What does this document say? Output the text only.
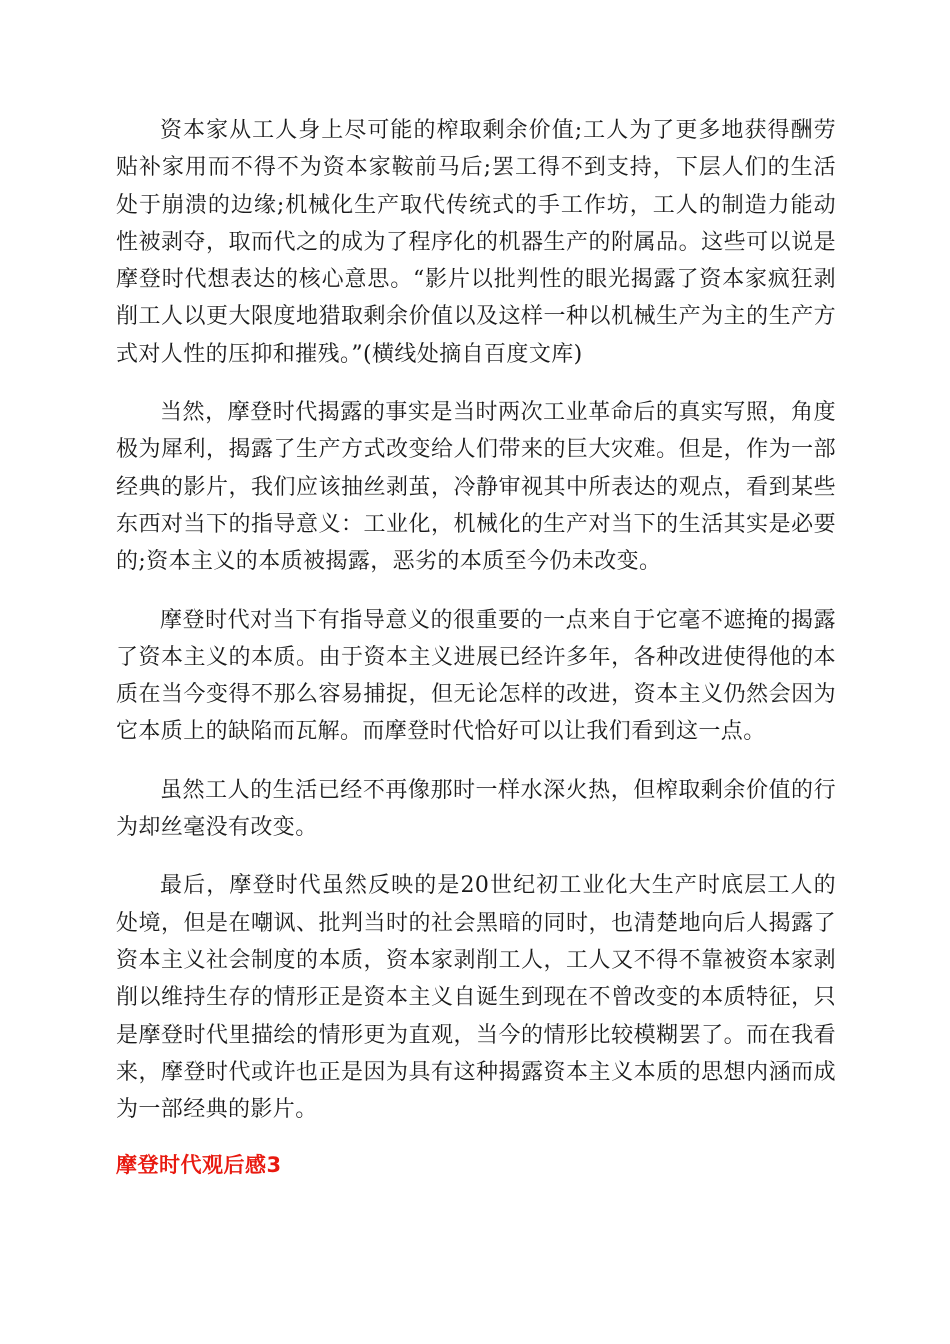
资本家从工人身上尽可能的榨取剩余价值;工人为了更多地获得酬劳贴补家用而不得不为资本家鞍前马后;罢工得不到支持，下层人们的生活处于崩溃的边缘;机械化生产取代传统式的手工作坊，工人的制造力能动性被剥夺，取而代之的成为了程序化的机器生产的附属品。这些可以说是摩登时代想表达的核心意思。“影片以批判性的眼光揭露了资本家疯狂剥削工人以更大限度地猎取剩余价值以及这样一种以机械生产为主的生产方式对人性的压抑和摧残。”(横线处摘自百度文库)

当然，摩登时代揭露的事实是当时两次工业革命后的真实写照，角度极为犀利，揭露了生产方式改变给人们带来的巨大灾难。但是，作为一部经典的影片，我们应该抽丝剥茧，冷静审视其中所表达的观点，看到某些东西对当下的指导意义：工业化，机械化的生产对当下的生活其实是必要的;资本主义的本质被揭露，恶劣的本质至今仍未改变。

摩登时代对当下有指导意义的很重要的一点来自于它毫不遮掩的揭露了资本主义的本质。由于资本主义进展已经许多年，各种改进使得他的本质在当今变得不那么容易捕捉，但无论怎样的改进，资本主义仍然会因为它本质上的缺陷而瓦解。而摩登时代恰好可以让我们看到这一点。

虽然工人的生活已经不再像那时一样水深火热，但榨取剩余价值的行为却丝毫没有改变。

最后，摩登时代虽然反映的是20世纪初工业化大生产时底层工人的处境，但是在嘲讽、批判当时的社会黑暗的同时，也清楚地向后人揭露了资本主义社会制度的本质，资本家剥削工人，工人又不得不靠被资本家剥削以维持生存的情形正是资本主义自诞生到现在不曾改变的本质特征，只是摩登时代里描绘的情形更为直观，当今的情形比较模糊罢了。而在我看来，摩登时代或许也正是因为具有这种揭露资本主义本质的思想内涵而成为一部经典的影片。

摩登时代观后感3
